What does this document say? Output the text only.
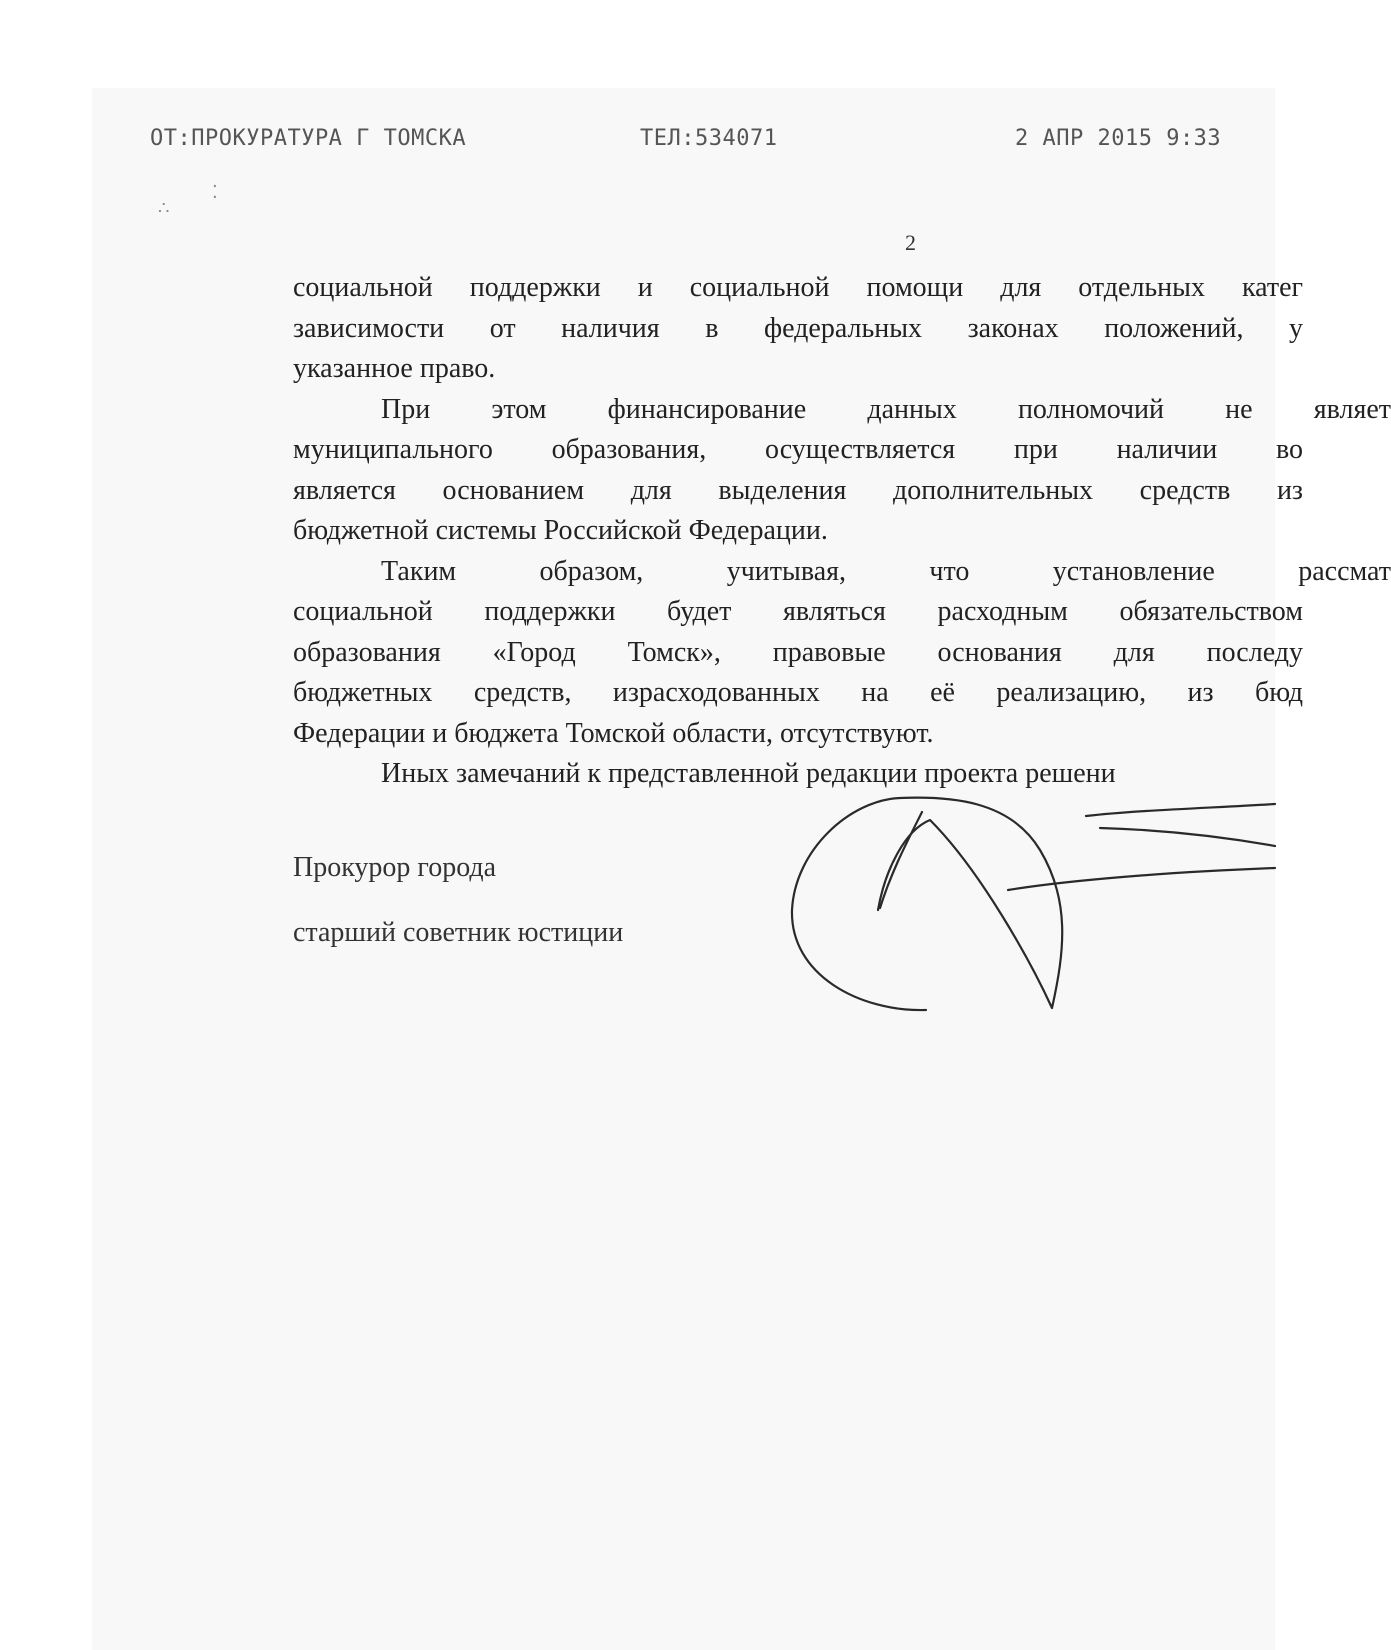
ОТ:ПРОКУРАТУРА Г ТОМСКА	ТЕЛ:534071	2 АПР 2015 9:33
∴
⁚
2
социальной поддержки и социальной помощи для отдельных катег
зависимости от наличия в федеральных законах положений, у
указанное право.
При этом финансирование данных полномочий не являет
муниципального образования, осуществляется при наличии во
является основанием для выделения дополнительных средств из
бюджетной системы Российской Федерации.
Таким образом, учитывая, что установление рассмат
социальной поддержки будет являться расходным обязательством
образования «Город Томск», правовые основания для последу
бюджетных средств, израсходованных на её реализацию, из бюд
Федерации и бюджета Томской области, отсутствуют.
Иных замечаний к представленной редакции проекта решени
Прокурор города
старший советник юстиции
